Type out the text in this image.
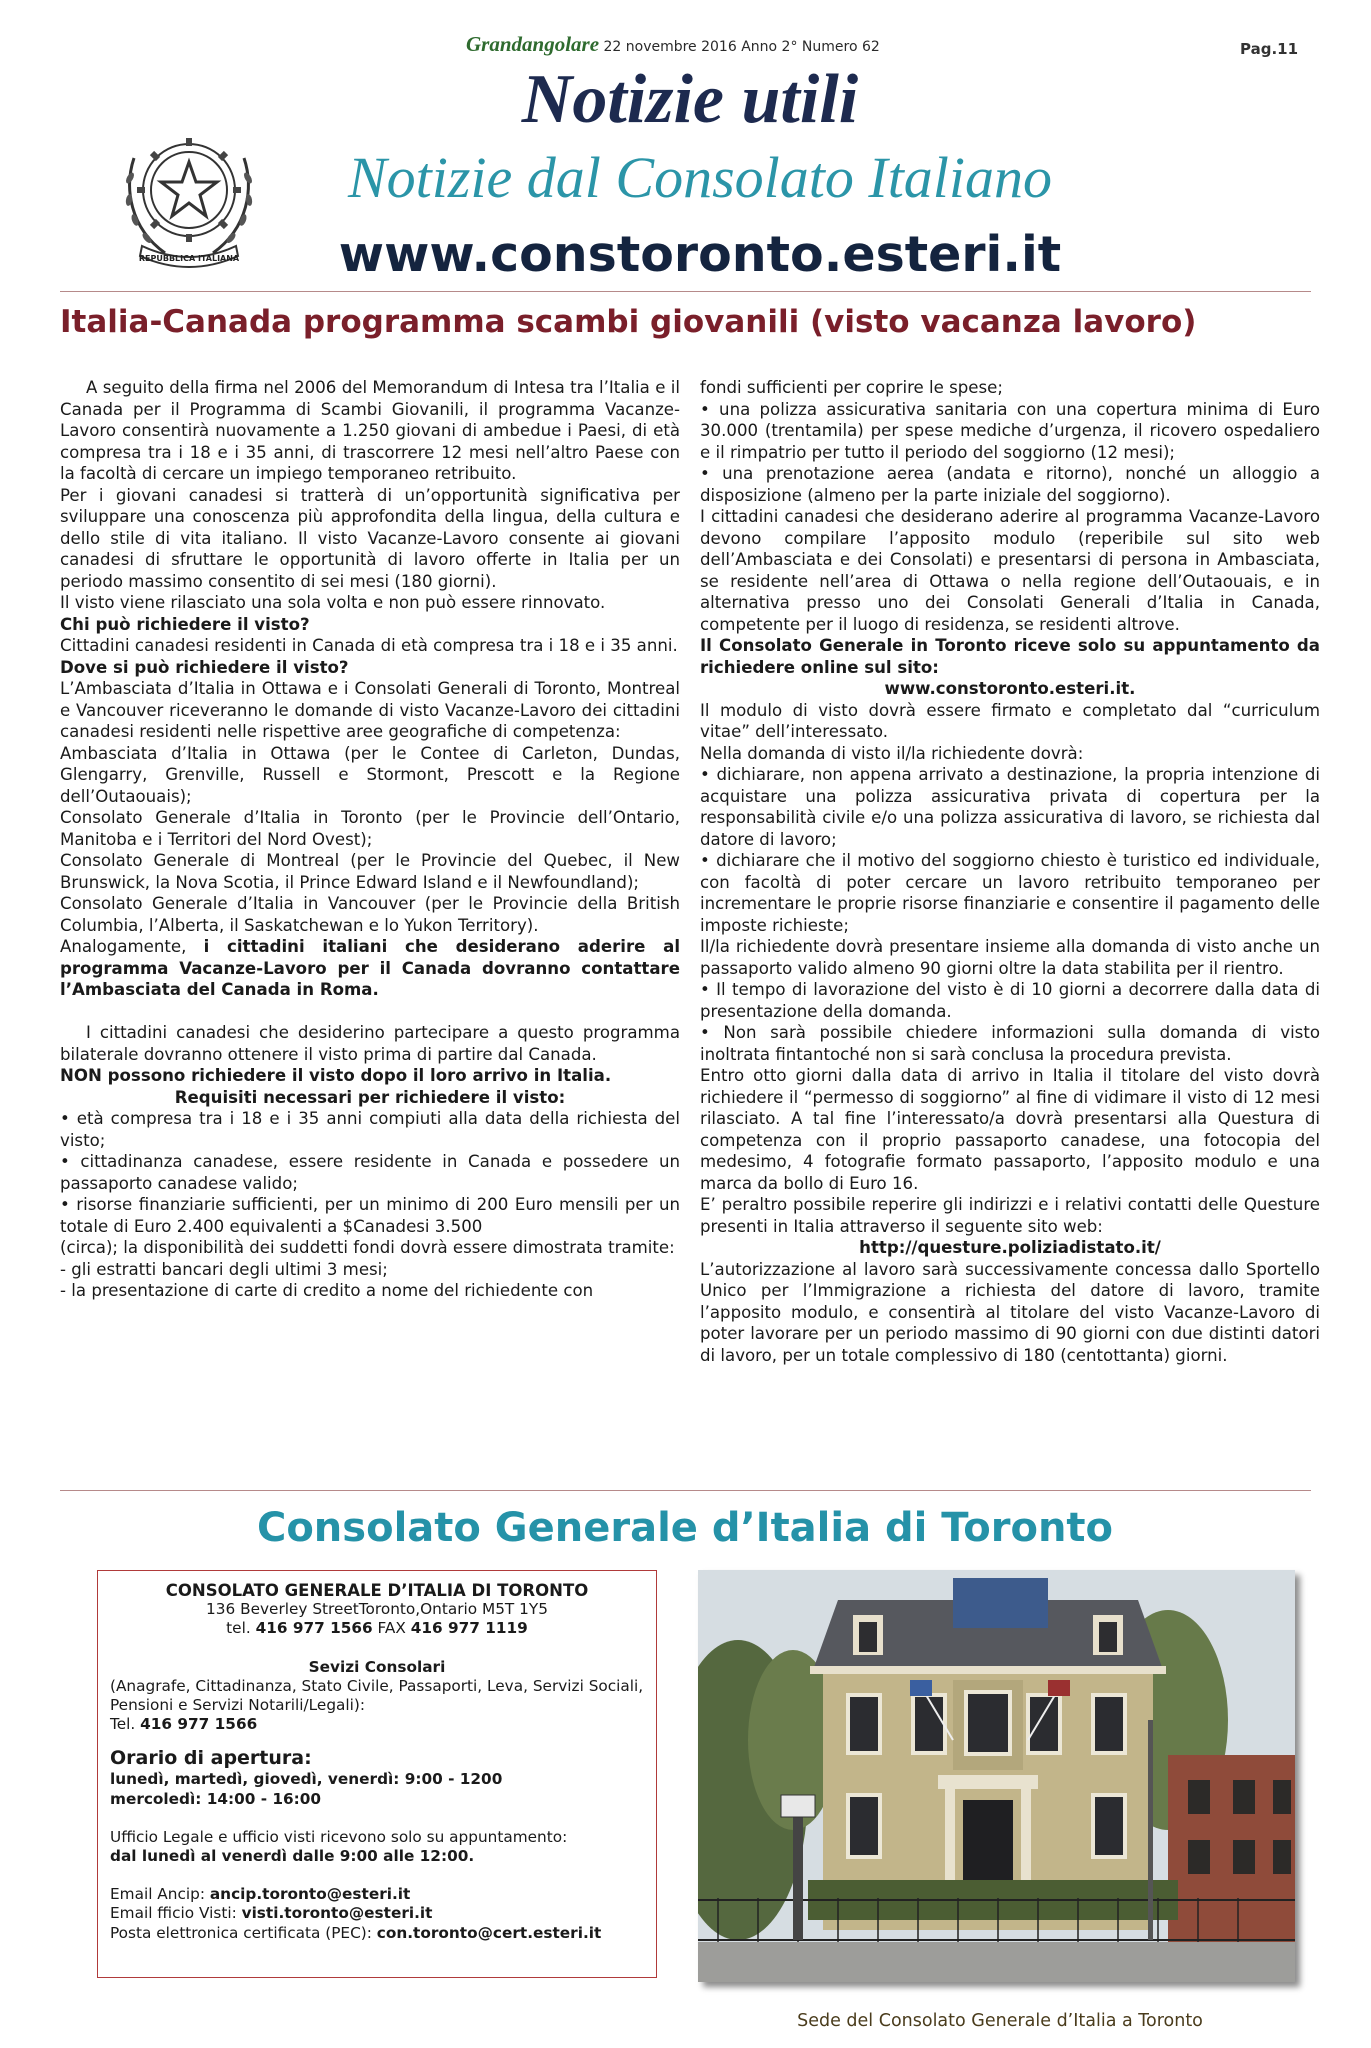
Grandangolare 22 novembre 2016 Anno 2° Numero 62	Pag.11
REPUBBLICA ITALIANA
Notizie utili
Notizie dal Consolato Italiano
www.constoronto.esteri.it
Italia-Canada programma scambi giovanili (visto vacanza lavoro)

A seguito della firma nel 2006 del Memorandum di Intesa tra l’Italia e il Canada per il Programma di Scambi Giovanili, il programma Vacanze-Lavoro consentirà nuovamente a 1.250 giovani di ambedue i Paesi, di età compresa tra i 18 e i 35 anni, di trascorrere 12 mesi nell’altro Paese con la facoltà di cercare un impiego temporaneo retribuito.

Per i giovani canadesi si tratterà di un’opportunità significativa per sviluppare una conoscenza più approfondita della lingua, della cultura e dello stile di vita italiano. Il visto Vacanze-Lavoro consente ai giovani canadesi di sfruttare le opportunità di lavoro offerte in Italia per un periodo massimo consentito di sei mesi (180 giorni).

Il visto viene rilasciato una sola volta e non può essere rinnovato.

Chi può richiedere il visto?

Cittadini canadesi residenti in Canada di età compresa tra i 18 e i 35 anni.

Dove si può richiedere il visto?

L’Ambasciata d’Italia in Ottawa e i Consolati Generali di Toronto, Montreal e Vancouver riceveranno le domande di visto Vacanze-Lavoro dei cittadini canadesi residenti nelle rispettive aree geografiche di competenza:

Ambasciata d’Italia in Ottawa (per le Contee di Carleton, Dundas, Glengarry, Grenville, Russell e Stormont, Prescott e la Regione dell’Outaouais);

Consolato Generale d’Italia in Toronto (per le Provincie dell’Ontario, Manitoba e i Territori del Nord Ovest);

Consolato Generale di Montreal (per le Provincie del Quebec, il New Brunswick, la Nova Scotia, il Prince Edward Island e il Newfoundland);

Consolato Generale d’Italia in Vancouver (per le Provincie della British Columbia, l’Alberta, il Saskatchewan e lo Yukon Territory).

Analogamente, i cittadini italiani che desiderano aderire al programma Vacanze-Lavoro per il Canada dovranno contattare l’Ambasciata del Canada in Roma.

I cittadini canadesi che desiderino partecipare a questo programma bilaterale dovranno ottenere il visto prima di partire dal Canada.

NON possono richiedere il visto dopo il loro arrivo in Italia.

Requisiti necessari per richiedere il visto:

• età compresa tra i 18 e i 35 anni compiuti alla data della richiesta del visto;

• cittadinanza canadese, essere residente in Canada e possedere un passaporto canadese valido;

• risorse finanziarie sufficienti, per un minimo di 200 Euro mensili per un totale di Euro 2.400 equivalenti a $Canadesi 3.500

(circa); la disponibilità dei suddetti fondi dovrà essere dimostrata tramite:

- gli estratti bancari degli ultimi 3 mesi;

- la presentazione di carte di credito a nome del richiedente con

fondi sufficienti per coprire le spese;

• una polizza assicurativa sanitaria con una copertura minima di Euro 30.000 (trentamila) per spese mediche d’urgenza, il ricovero ospedaliero e il rimpatrio per tutto il periodo del soggiorno (12 mesi);

• una prenotazione aerea (andata e ritorno), nonché un alloggio a disposizione (almeno per la parte iniziale del soggiorno).

I cittadini canadesi che desiderano aderire al programma Vacanze-Lavoro devono compilare l’apposito modulo (reperibile sul sito web dell’Ambasciata e dei Consolati) e presentarsi di persona in Ambasciata, se residente nell’area di Ottawa o nella regione dell’Outaouais, e in alternativa presso uno dei Consolati Generali d’Italia in Canada, competente per il luogo di residenza, se residenti altrove.

Il Consolato Generale in Toronto riceve solo su appuntamento da richiedere online sul sito:

www.constoronto.esteri.it.

Il modulo di visto dovrà essere firmato e completato dal “curriculum vitae” dell’interessato.

Nella domanda di visto il/la richiedente dovrà:

• dichiarare, non appena arrivato a destinazione, la propria intenzione di acquistare una polizza assicurativa privata di copertura per la responsabilità civile e/o una polizza assicurativa di lavoro, se richiesta dal datore di lavoro;

• dichiarare che il motivo del soggiorno chiesto è turistico ed individuale, con facoltà di poter cercare un lavoro retribuito temporaneo per incrementare le proprie risorse finanziarie e consentire il pagamento delle imposte richieste;

Il/la richiedente dovrà presentare insieme alla domanda di visto anche un passaporto valido almeno 90 giorni oltre la data stabilita per il rientro.

• Il tempo di lavorazione del visto è di 10 giorni a decorrere dalla data di presentazione della domanda.

• Non sarà possibile chiedere informazioni sulla domanda di visto inoltrata fintantoché non si sarà conclusa la procedura prevista.

Entro otto giorni dalla data di arrivo in Italia il titolare del visto dovrà richiedere il “permesso di soggiorno” al fine di vidimare il visto di 12 mesi rilasciato. A tal fine l’interessato/a dovrà presentarsi alla Questura di competenza con il proprio passaporto canadese, una fotocopia del medesimo, 4 fotografie formato passaporto, l’apposito modulo e una marca da bollo di Euro 16.

E’ peraltro possibile reperire gli indirizzi e i relativi contatti delle Questure presenti in Italia attraverso il seguente sito web:

http://questure.poliziadistato.it/

L’autorizzazione al lavoro sarà successivamente concessa dallo Sportello Unico per l’Immigrazione a richiesta del datore di lavoro, tramite l’apposito modulo, e consentirà al titolare del visto Vacanze-Lavoro di poter lavorare per un periodo massimo di 90 giorni con due distinti datori di lavoro, per un totale complessivo di 180 (centottanta) giorni.

Consolato Generale d’Italia di Toronto
CONSOLATO GENERALE D’ITALIA DI TORONTO
136 Beverley StreetToronto,Ontario M5T 1Y5
tel. 416 977 1566 FAX 416 977 1119
Sevizi Consolari
(Anagrafe, Cittadinanza, Stato Civile, Passaporti, Leva, Servizi Sociali, Pensioni e Servizi Notarili/Legali):
Tel. 416 977 1566
Orario di apertura:
lunedì, martedì, giovedì, venerdì: 9:00 - 1200
mercoledì: 14:00 - 16:00
Ufficio Legale e ufficio visti ricevono solo su appuntamento:
dal lunedì al venerdì dalle 9:00 alle 12:00.
Email Ancip: ancip.toronto@esteri.it
Email fficio Visti: visti.toronto@esteri.it
Posta elettronica certificata (PEC): con.toronto@cert.esteri.it
Sede del Consolato Generale d’Italia a Toronto
